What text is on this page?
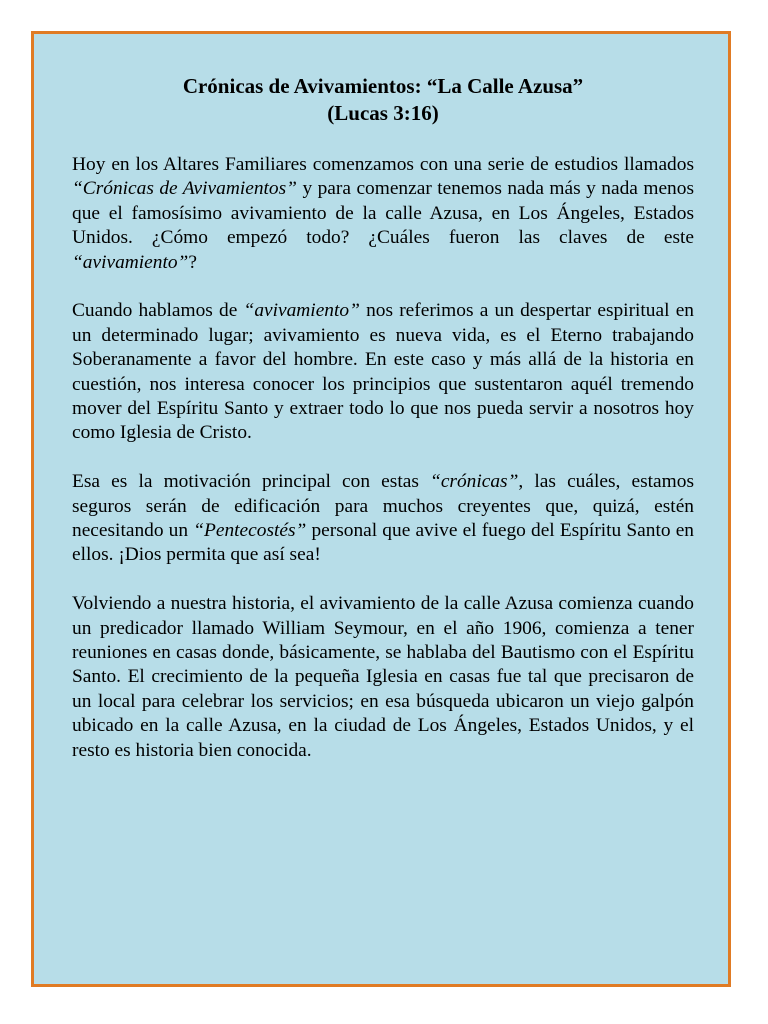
Crónicas de Avivamientos: “La Calle Azusa”
(Lucas 3:16)

Hoy en los Altares Familiares comenzamos con una serie de estudios llamados “Crónicas de Avivamientos” y para comenzar tenemos nada más y nada menos que el famosísimo avivamiento de la calle Azusa, en Los Ángeles, Estados Unidos. ¿Cómo empezó todo? ¿Cuáles fueron las claves de este “avivamiento”?

Cuando hablamos de “avivamiento” nos referimos a un despertar espiritual en un determinado lugar; avivamiento es nueva vida, es el Eterno trabajando Soberanamente a favor del hombre. En este caso y más allá de la historia en cuestión, nos interesa conocer los principios que sustentaron aquél tremendo mover del Espíritu Santo y extraer todo lo que nos pueda servir a nosotros hoy como Iglesia de Cristo.

Esa es la motivación principal con estas “crónicas”, las cuáles, estamos seguros serán de edificación para muchos creyentes que, quizá, estén necesitando un “Pentecostés” personal que avive el fuego del Espíritu Santo en ellos. ¡Dios permita que así sea!

Volviendo a nuestra historia, el avivamiento de la calle Azusa comienza cuando un predicador llamado William Seymour, en el año 1906, comienza a tener reuniones en casas donde, básicamente, se hablaba del Bautismo con el Espíritu Santo. El crecimiento de la pequeña Iglesia en casas fue tal que precisaron de un local para celebrar los servicios; en esa búsqueda ubicaron un viejo galpón ubicado en la calle Azusa, en la ciudad de Los Ángeles, Estados Unidos, y el resto es historia bien conocida.
